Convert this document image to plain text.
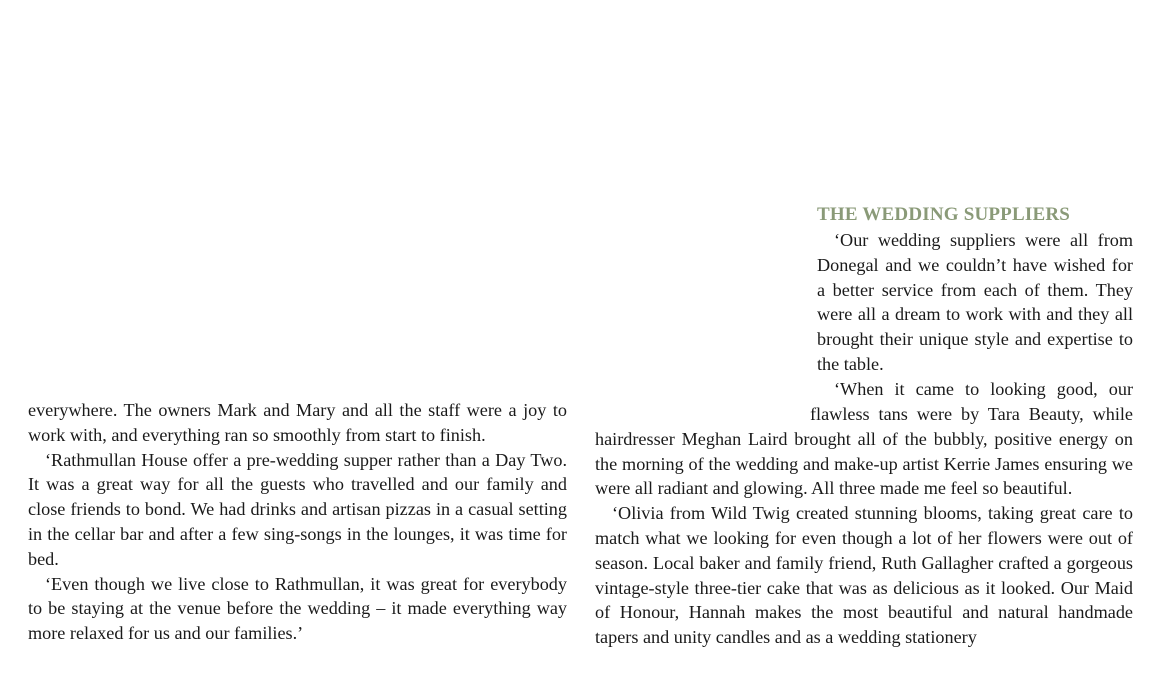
everywhere. The owners Mark and Mary and all the staff were a joy to work with, and everything ran so smoothly from start to finish.

‘Rathmullan House offer a pre-wedding supper rather than a Day Two. It was a great way for all the guests who travelled and our family and close friends to bond. We had drinks and artisan pizzas in a casual setting in the cellar bar and after a few sing-songs in the lounges, it was time for bed.

‘Even though we live close to Rathmullan, it was great for everybody to be staying at the venue before the wedding – it made everything way more relaxed for us and our families.’

THE WEDDING SUPPLIERS

‘Our wedding suppliers were all from Donegal and we couldn’t have wished for a better service from each of them. They were all a dream to work with and they all brought their unique style and expertise to the table.

‘When it came to looking good, our

flawless tans were by Tara Beauty, while

hairdresser Meghan Laird brought all of the bubbly, positive energy on the morning of the wedding and make-up artist Kerrie James ensuring we were all radiant and glowing. All three made me feel so beautiful.

‘Olivia from Wild Twig created stunning blooms, taking great care to match what we looking for even though a lot of her flowers were out of season. Local baker and family friend, Ruth Gallagher crafted a gorgeous vintage-style three-tier cake that was as delicious as it looked. Our Maid of Honour, Hannah makes the most beautiful and natural handmade tapers and unity candles and as a wedding stationery
